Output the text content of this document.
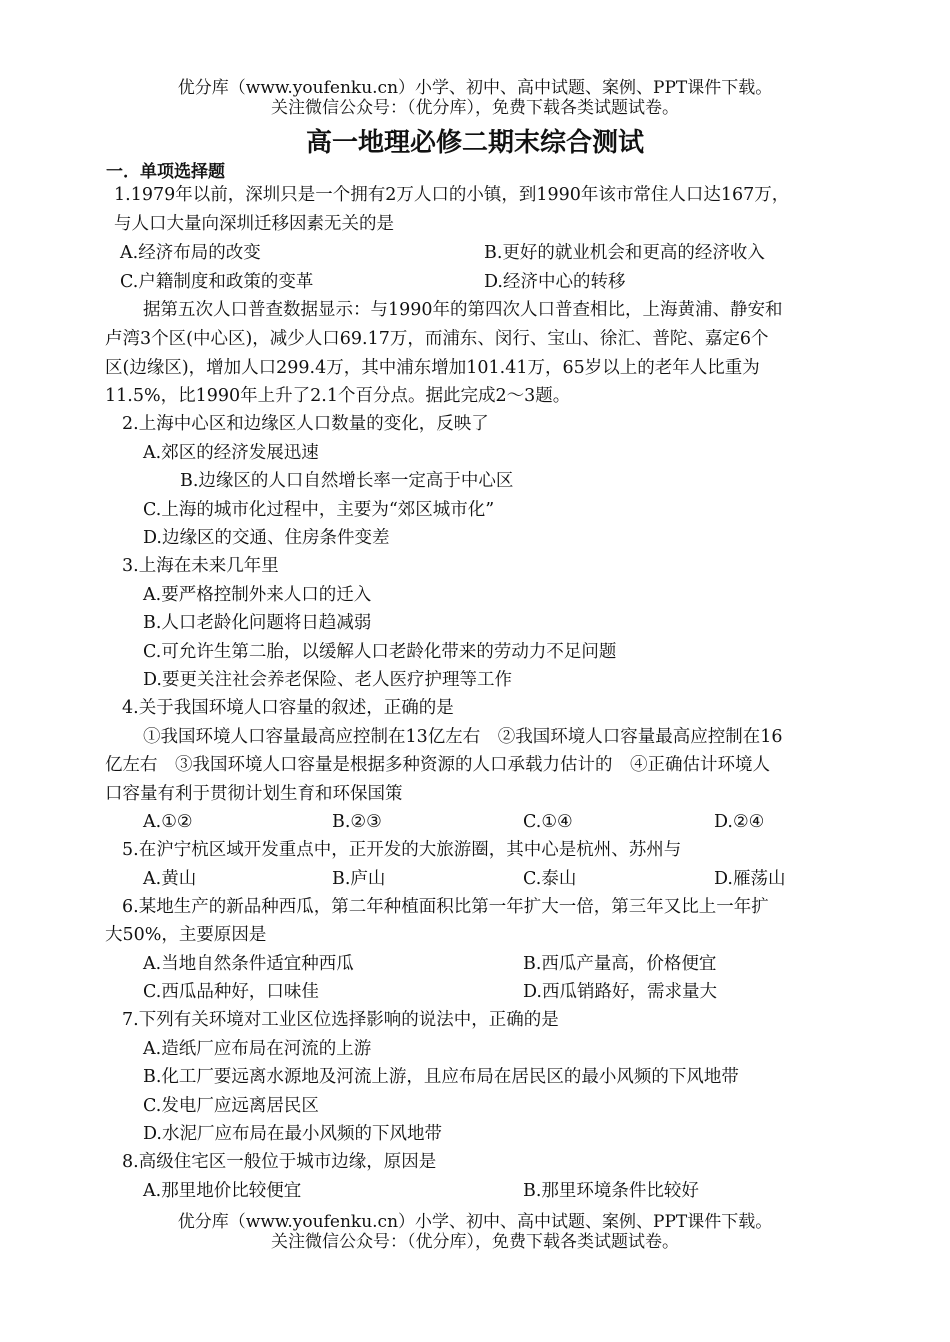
优分库（www.youfenku.cn）小学、初中、高中试题、案例、PPT课件下载。
关注微信公众号：（优分库），免费下载各类试题试卷。
高一地理必修二期末综合测试
一．单项选择题
1.1979年以前，深圳只是一个拥有2万人口的小镇，到1990年该市常住人口达167万，
与人口大量向深圳迁移因素无关的是
A.经济布局的改变	B.更好的就业机会和更高的经济收入
C.户籍制度和政策的变革	D.经济中心的转移
据第五次人口普查数据显示：与1990年的第四次人口普查相比，上海黄浦、静安和
卢湾3个区(中心区)，减少人口69.17万，而浦东、闵行、宝山、徐汇、普陀、嘉定6个
区(边缘区)，增加人口299.4万，其中浦东增加101.41万，65岁以上的老年人比重为
11.5%，比1990年上升了2.1个百分点。据此完成2～3题。
2.上海中心区和边缘区人口数量的变化，反映了
A.郊区的经济发展迅速
B.边缘区的人口自然增长率一定高于中心区
C.上海的城市化过程中，主要为“郊区城市化”
D.边缘区的交通、住房条件变差
3.上海在未来几年里
A.要严格控制外来人口的迁入
B.人口老龄化问题将日趋减弱
C.可允许生第二胎，以缓解人口老龄化带来的劳动力不足问题
D.要更关注社会养老保险、老人医疗护理等工作
4.关于我国环境人口容量的叙述，正确的是
①我国环境人口容量最高应控制在13亿左右　②我国环境人口容量最高应控制在16
亿左右　③我国环境人口容量是根据多种资源的人口承载力估计的　④正确估计环境人
口容量有利于贯彻计划生育和环保国策
A.①②	B.②③	C.①④	D.②④
5.在沪宁杭区域开发重点中，正开发的大旅游圈，其中心是杭州、苏州与
A.黄山	B.庐山	C.泰山	D.雁荡山
6.某地生产的新品种西瓜，第二年种植面积比第一年扩大一倍，第三年又比上一年扩
大50%，主要原因是
A.当地自然条件适宜种西瓜	B.西瓜产量高，价格便宜
C.西瓜品种好，口味佳	D.西瓜销路好，需求量大
7.下列有关环境对工业区位选择影响的说法中，正确的是
A.造纸厂应布局在河流的上游
B.化工厂要远离水源地及河流上游，且应布局在居民区的最小风频的下风地带
C.发电厂应远离居民区
D.水泥厂应布局在最小风频的下风地带
8.高级住宅区一般位于城市边缘，原因是
A.那里地价比较便宜	B.那里环境条件比较好
优分库（www.youfenku.cn）小学、初中、高中试题、案例、PPT课件下载。
关注微信公众号：（优分库），免费下载各类试题试卷。
